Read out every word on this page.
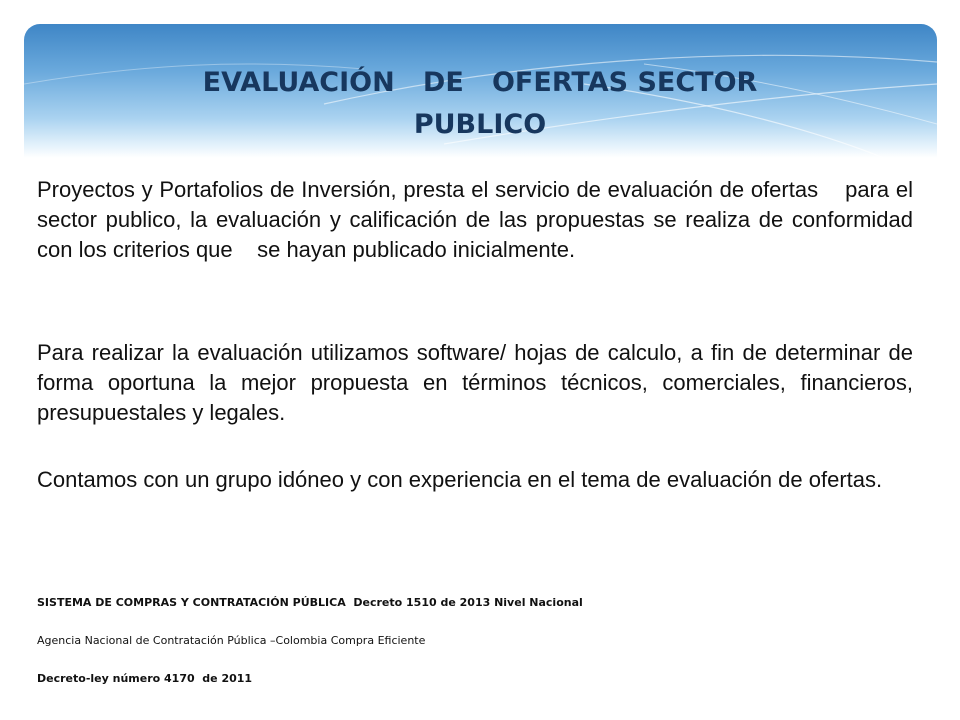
EVALUACIÓN   DE   OFERTAS SECTOR
PUBLICO

Proyectos y Portafolios de Inversión, presta el servicio de evaluación de ofertas    para el sector publico, la evaluación y calificación de las propuestas se realiza de conformidad con los criterios que    se hayan publicado inicialmente.

Para realizar la evaluación utilizamos software/ hojas de calculo, a fin de determinar de forma oportuna la mejor propuesta en términos técnicos, comerciales, financieros,  presupuestales y legales.

Contamos con un grupo idóneo y con experiencia en el tema de evaluación de ofertas.

SISTEMA DE COMPRAS Y CONTRATACIÓN PÚBLICA  Decreto 1510 de 2013 Nivel Nacional

Agencia Nacional de Contratación Pública –Colombia Compra Eficiente

Decreto-ley número 4170  de 2011
